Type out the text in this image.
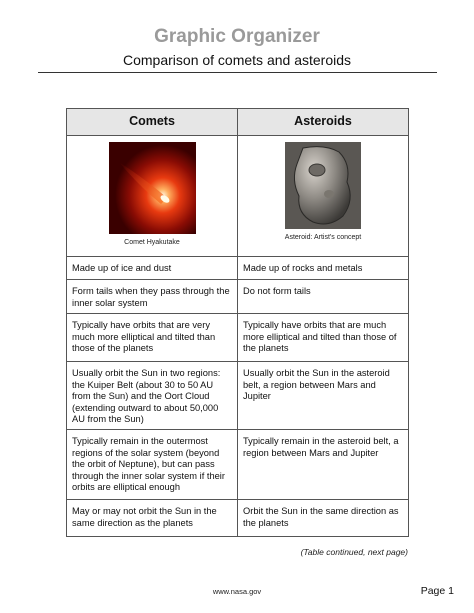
Graphic Organizer
Comparison of comets and asteroids
Comets	Asteroids

Comet Hyakutake	Asteroid: Artist's concept

Made up of ice and dust	Made up of rocks and metals
Form tails when they pass through the inner solar system	Do not form tails
Typically have orbits that are very much more elliptical and tilted than those of the planets	Typically have orbits that are much more elliptical and tilted than those of the planets
Usually orbit the Sun in two regions: the Kuiper Belt (about 30 to 50 AU from the Sun) and the Oort Cloud (extending outward to about 50,000 AU from the Sun)	Usually orbit the Sun in the asteroid belt, a region between Mars and Jupiter
Typically remain in the outermost regions of the solar system (beyond the orbit of Neptune), but can pass through the inner solar system if their orbits are elliptical enough	Typically remain in the asteroid belt, a region between Mars and Jupiter
May or may not orbit the Sun in the same direction as the planets	Orbit the Sun in the same direction as the planets
(Table continued, next page)
www.nasa.gov	Page 1
